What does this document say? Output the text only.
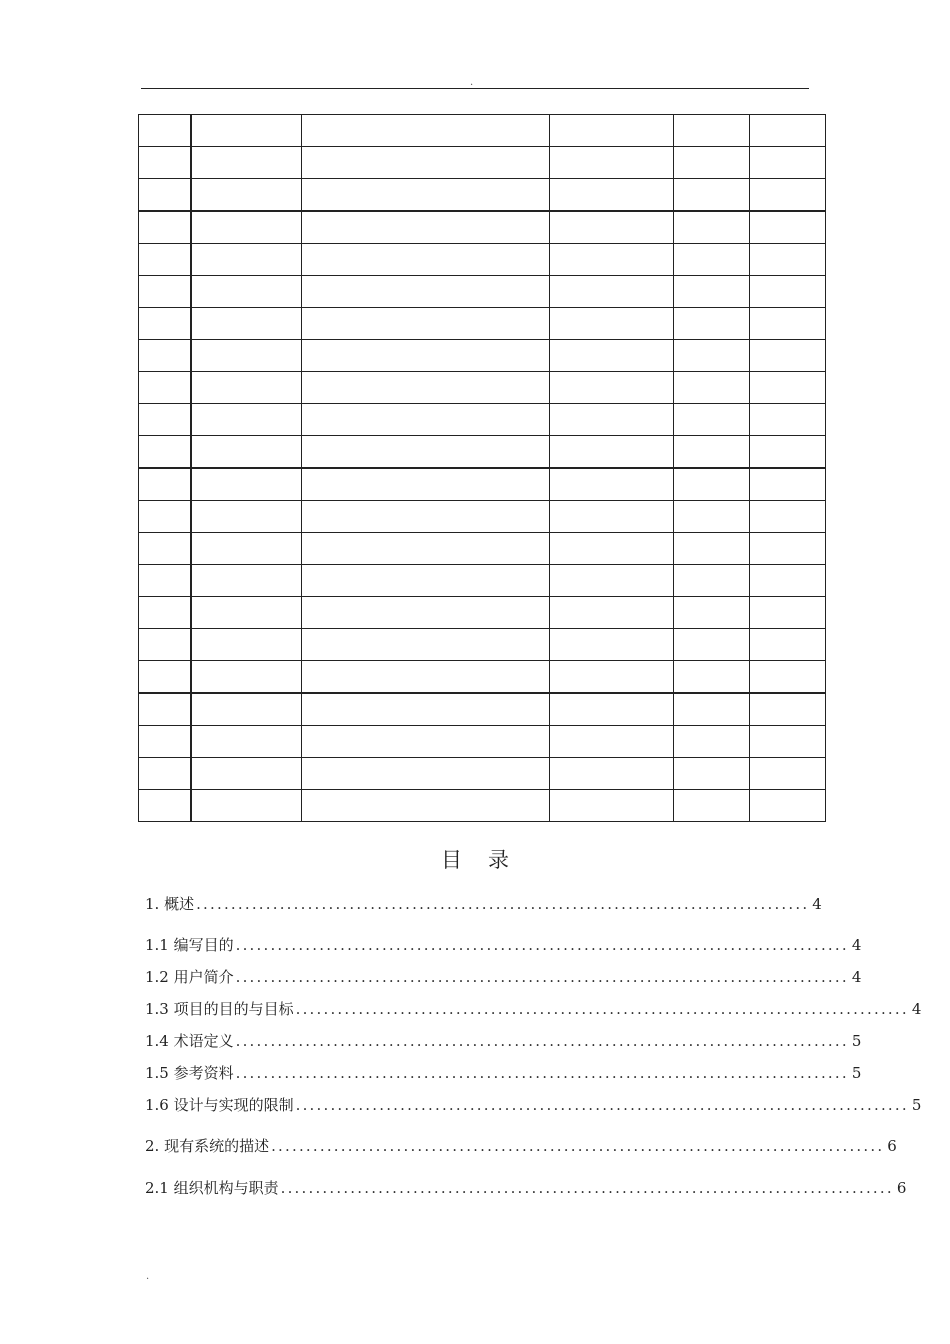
.

目 录
1. 概述 ........................................................................................ 4
1.1 编写目的 ........................................................................................ 4
1.2 用户简介 ........................................................................................ 4
1.3 项目的目的与目标 ........................................................................................ 4
1.4 术语定义 ........................................................................................ 5
1.5 参考资料 ........................................................................................ 5
1.6 设计与实现的限制 ........................................................................................ 5
2. 现有系统的描述 ........................................................................................ 6
2.1 组织机构与职责 ........................................................................................ 6
.
